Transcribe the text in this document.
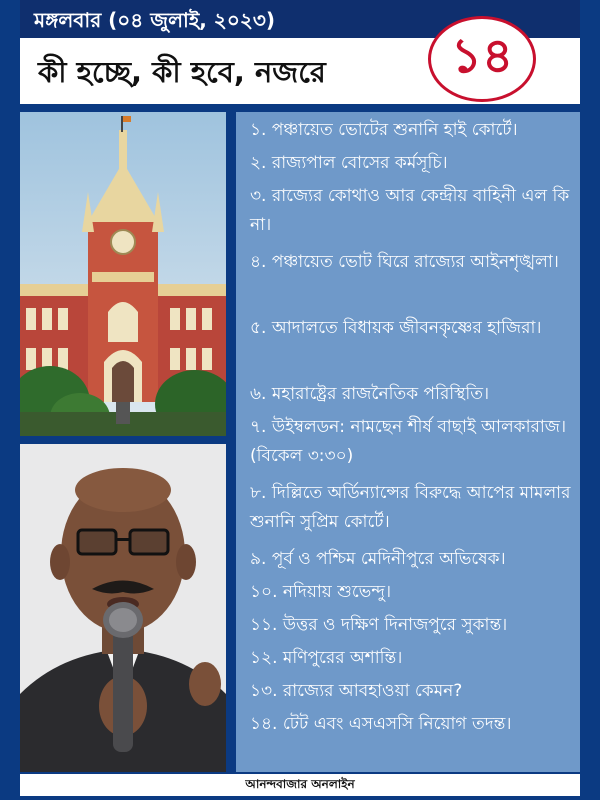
মঙ্গলবার (০৪ জুলাই, ২০২৩)
কী হচ্ছে, কী হবে, নজরে	১৪
১. পঞ্চায়েত ভোটের শুনানি হাই কোর্টে।
২. রাজ্যপাল বোসের কর্মসূচি।
৩. রাজ্যের কোথাও আর কেন্দ্রীয় বাহিনী এল কি না।
৪. পঞ্চায়েত ভোট ঘিরে রাজ্যের আইনশৃঙ্খলা।
৫. আদালতে বিধায়ক জীবনকৃষ্ণের হাজিরা।
৬. মহারাষ্ট্রের রাজনৈতিক পরিস্থিতি।
৭. উইম্বলডন: নামছেন শীর্ষ বাছাই আলকারাজ। (বিকেল ৩:৩০)
৮. দিল্লিতে অর্ডিন্যান্সের বিরুদ্ধে আপের মামলার শুনানি সুপ্রিম কোর্টে।
৯. পূর্ব ও পশ্চিম মেদিনীপুরে অভিষেক।
১০. নদিয়ায় শুভেন্দু।
১১. উত্তর ও দক্ষিণ দিনাজপুরে সুকান্ত।
১২. মণিপুরের অশান্তি।
১৩. রাজ্যের আবহাওয়া কেমন?
১৪. টেট এবং এসএসসি নিয়োগ তদন্ত।
আনন্দবাজার অনলাইন
